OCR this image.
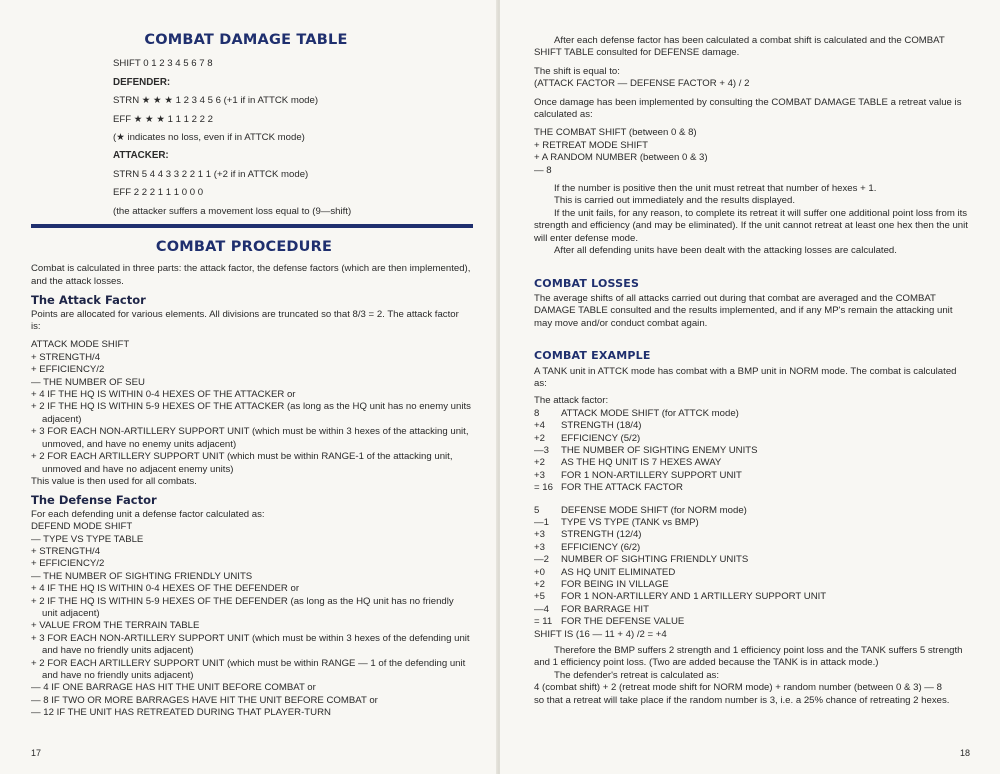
COMBAT DAMAGE TABLE
SHIFT 0 1 2 3 4 5 6 7 8
DEFENDER:
STRN ★ ★ ★ 1 2 3 4 5 6 (+1 if in ATTCK mode)
EFF ★ ★ ★ 1 1 1 2 2 2
(★ indicates no loss, even if in ATTCK mode)
ATTACKER:
STRN 5 4 4 3 3 2 2 1 1 (+2 if in ATTCK mode)
EFF 2 2 2 1 1 1 0 0 0
(the attacker suffers a movement loss equal to (9—shift)
COMBAT PROCEDURE
Combat is calculated in three parts: the attack factor, the defense factors (which are then implemented), and the attack losses.
The Attack Factor
Points are allocated for various elements. All divisions are truncated so that 8/3 = 2. The attack factor is:
ATTACK MODE SHIFT
+ STRENGTH/4
+ EFFICIENCY/2
— THE NUMBER OF SEU
+ 4 IF THE HQ IS WITHIN 0-4 HEXES OF THE ATTACKER or
+ 2 IF THE HQ IS WITHIN 5-9 HEXES OF THE ATTACKER (as long as the HQ unit has no enemy units adjacent)
+ 3 FOR EACH NON-ARTILLERY SUPPORT UNIT (which must be within 3 hexes of the attacking unit, unmoved, and have no enemy units adjacent)
+ 2 FOR EACH ARTILLERY SUPPORT UNIT (which must be within RANGE-1 of the attacking unit, unmoved and have no adjacent enemy units)
This value is then used for all combats.
The Defense Factor
For each defending unit a defense factor calculated as:
DEFEND MODE SHIFT
— TYPE VS TYPE TABLE
+ STRENGTH/4
+ EFFICIENCY/2
— THE NUMBER OF SIGHTING FRIENDLY UNITS
+ 4 IF THE HQ IS WITHIN 0-4 HEXES OF THE DEFENDER or
+ 2 IF THE HQ IS WITHIN 5-9 HEXES OF THE DEFENDER (as long as the HQ unit has no friendly unit adjacent)
+ VALUE FROM THE TERRAIN TABLE
+ 3 FOR EACH NON-ARTILLERY SUPPORT UNIT (which must be within 3 hexes of the defending unit and have no friendly units adjacent)
+ 2 FOR EACH ARTILLERY SUPPORT UNIT (which must be within RANGE — 1 of the defending unit and have no friendly units adjacent)
— 4 IF ONE BARRAGE HAS HIT THE UNIT BEFORE COMBAT or
— 8 IF TWO OR MORE BARRAGES HAVE HIT THE UNIT BEFORE COMBAT or
— 12 IF THE UNIT HAS RETREATED DURING THAT PLAYER-TURN
17
After each defense factor has been calculated a combat shift is calculated and the COMBAT SHIFT TABLE consulted for DEFENSE damage.
The shift is equal to:
(ATTACK FACTOR — DEFENSE FACTOR + 4) / 2
Once damage has been implemented by consulting the COMBAT DAMAGE TABLE a retreat value is calculated as:
THE COMBAT SHIFT (between 0 & 8)
+ RETREAT MODE SHIFT
+ A RANDOM NUMBER (between 0 & 3)
— 8
If the number is positive then the unit must retreat that number of hexes + 1.
This is carried out immediately and the results displayed.
If the unit fails, for any reason, to complete its retreat it will suffer one additional point loss from its strength and efficiency (and may be eliminated). If the unit cannot retreat at least one hex then the unit will enter defense mode.
After all defending units have been dealt with the attacking losses are calculated.
COMBAT LOSSES
The average shifts of all attacks carried out during that combat are averaged and the COMBAT DAMAGE TABLE consulted and the results implemented, and if any MP's remain the attacking unit may move and/or conduct combat again.
COMBAT EXAMPLE
A TANK unit in ATTCK mode has combat with a BMP unit in NORM mode. The combat is calculated as:
The attack factor:
8	ATTACK MODE SHIFT (for ATTCK mode)
+4	STRENGTH (18/4)
+2	EFFICIENCY (5/2)
—3	THE NUMBER OF SIGHTING ENEMY UNITS
+2	AS THE HQ UNIT IS 7 HEXES AWAY
+3	FOR 1 NON-ARTILLERY SUPPORT UNIT
= 16 FOR THE ATTACK FACTOR
5	DEFENSE MODE SHIFT (for NORM mode)
—1	TYPE VS TYPE (TANK vs BMP)
+3	STRENGTH (12/4)
+3	EFFICIENCY (6/2)
—2	NUMBER OF SIGHTING FRIENDLY UNITS
+0	AS HQ UNIT ELIMINATED
+2	FOR BEING IN VILLAGE
+5	FOR 1 NON-ARTILLERY AND 1 ARTILLERY SUPPORT UNIT
—4	FOR BARRAGE HIT
= 11 FOR THE DEFENSE VALUE
SHIFT IS (16 — 11 + 4) /2 = +4
Therefore the BMP suffers 2 strength and 1 efficiency point loss and the TANK suffers 5 strength and 1 efficiency point loss. (Two are added because the TANK is in attack mode.)
The defender's retreat is calculated as:
4 (combat shift) + 2 (retreat mode shift for NORM mode) + random number (between 0 & 3) — 8
so that a retreat will take place if the random number is 3, i.e. a 25% chance of retreating 2 hexes.
18
